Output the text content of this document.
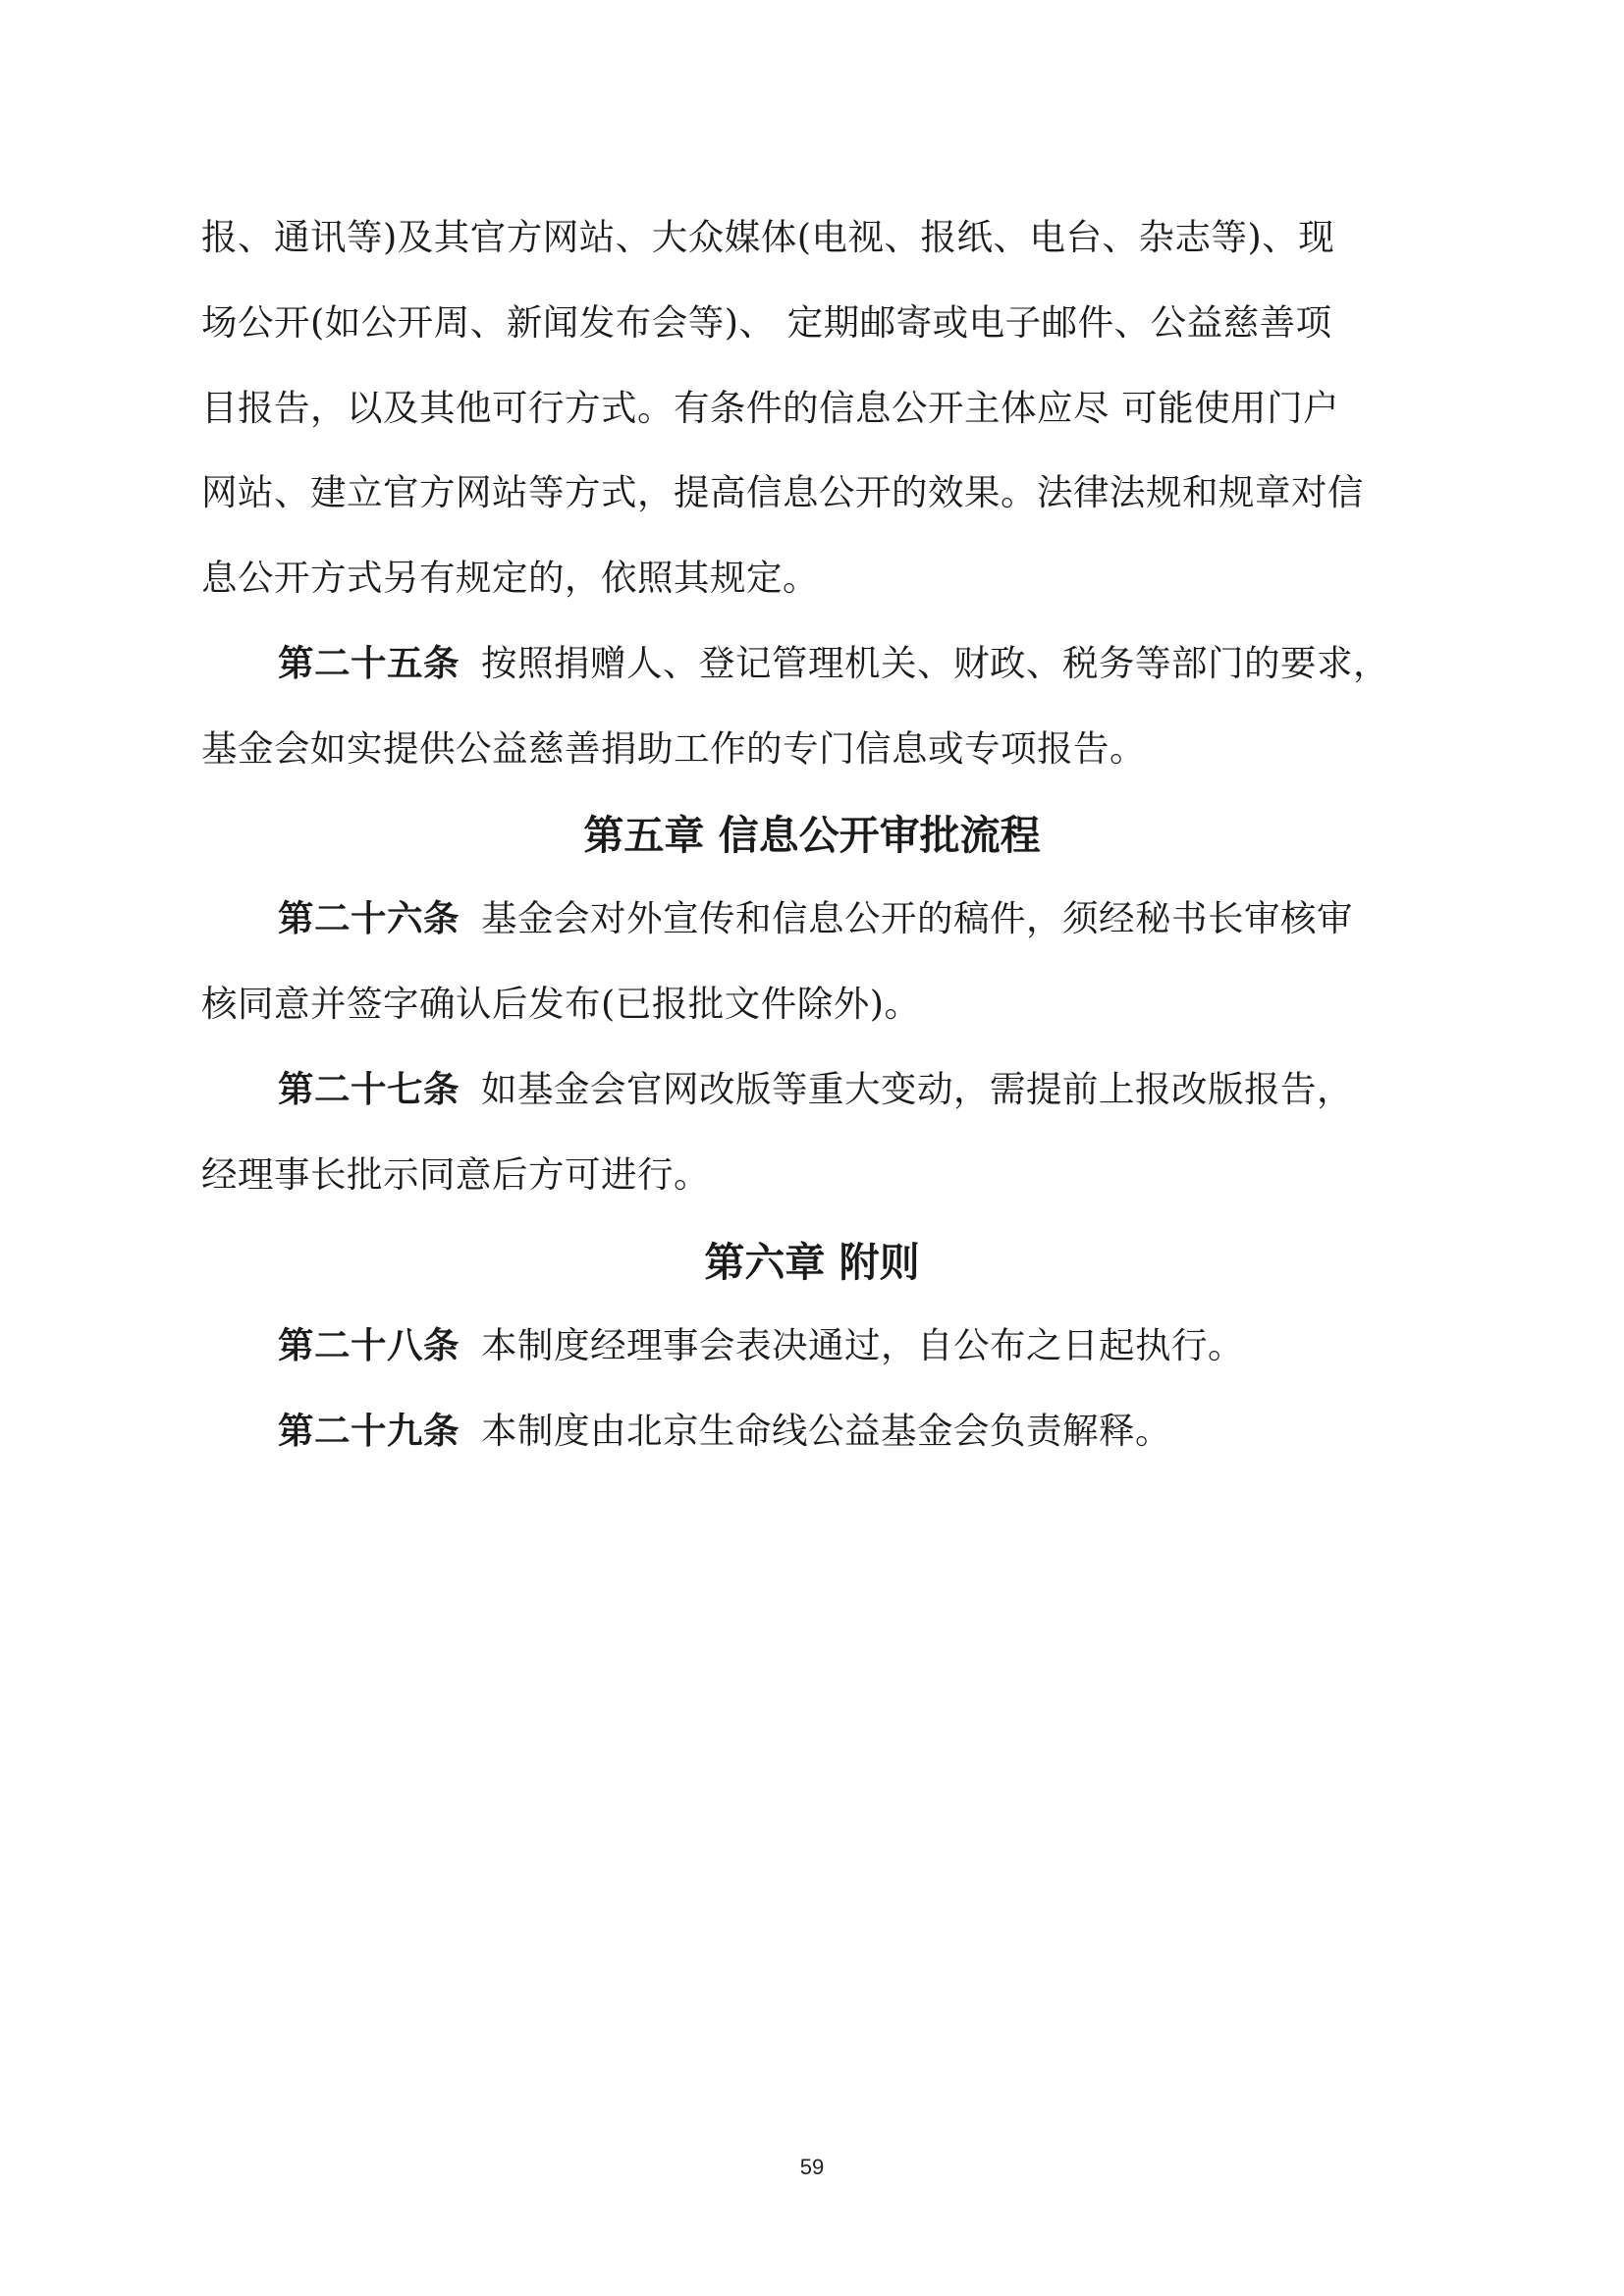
报、通讯等)及其官方网站、大众媒体(电视、报纸、电台、杂志等)、现
场公开(如公开周、新闻发布会等)、 定期邮寄或电子邮件、公益慈善项
目报告，以及其他可行方式。有条件的信息公开主体应尽 可能使用门户
网站、建立官方网站等方式，提高信息公开的效果。法律法规和规章对信
息公开方式另有规定的，依照其规定。
第二十五条 按照捐赠人、登记管理机关、财政、税务等部门的要求，
基金会如实提供公益慈善捐助工作的专门信息或专项报告。
第五章 信息公开审批流程
第二十六条 基金会对外宣传和信息公开的稿件，须经秘书长审核审
核同意并签字确认后发布(已报批文件除外)。
第二十七条 如基金会官网改版等重大变动，需提前上报改版报告，
经理事长批示同意后方可进行。
第六章 附则
第二十八条 本制度经理事会表决通过，自公布之日起执行。
第二十九条 本制度由北京生命线公益基金会负责解释。
59
